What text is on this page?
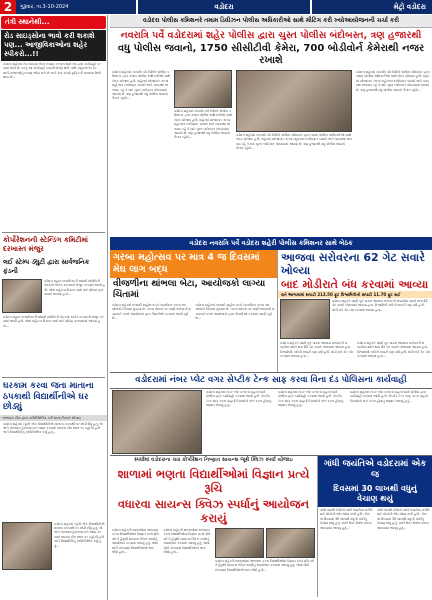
2	ગુરૂવાર, તા.3-10-2024	વડોદરા	મેટ્રો વડોદરા
તંત્રી સ્થાનેથી...
રોડ સાઇડ્સોના ભાવો કરી શકાશે પણ... આજીવિકાઓના શહેર સ્પીકરો...!!
વડોદરા શહેરમાં રોડ સાઇડ્સ ઉપર દબાણ કરનારા સામે તંત્ર દ્વારા કાર્યવાહી કરવામાં આવે છે. પરંતુ આ કાર્યવાહી કાયમી ધોરણે થતી નથી. શહેરમાં ઠેર ઠેર લારી-ગલ્લાઓનું દબાણ જોવા મળે છે અને તેના કારણે ટ્રાફિકની સમસ્યા ઉભી થાય છે...
કોર્પોરેશનની સ્ટેન્ડિંગ કમિટીમાં દરખાસ્ત મંજુર
લઈ સ્ટેમ્પ ડ્યુટી દ્વારા સાર્વજનિક ફંડની
વડોદરા મહાનગરપાલિકાની સ્થાયી સમિતિની બેઠકમાં અનેક દરખાસ્તો મંજુર કરવામાં આવી હતી. જેમાં શહેરના વિકાસ કામો માટે રૂપિયા ફાળવવામાં આવ્યા હતા...
વડોદરા મહાનગરપાલિકાની સ્થાયી સમિતિની બેઠકમાં અનેક દરખાસ્તો મંજુર કરવામાં આવી હતી. જેમાં શહેરના વિકાસ કામો માટે રૂપિયા ફાળવવામાં આવ્યા હતા...
ઘરકામ કરવા જતા માતાના ઠપકાથી વિદ્યાર્થીનીએ ઘર છોડ્યું
અભયમ ટીમ દ્વારા કાઉન્સિલિંગ કરી માતા-પિતાને સોંપાઇ
વડોદરા શહેરમાં રહેતી એક વિદ્યાર્થીનીએ માતાના ઠપકાથી ઘર છોડી દીધું હતું. જે અંગે અભયમ હેલ્પલાઇનને જાણ કરવામાં આવતા ટીમ સ્થળ પર પહોંચી હતી અને વિદ્યાર્થીનીનું કાઉન્સિલિંગ કર્યું હતું...
વડોદરા શહેરમાં રહેતી એક વિદ્યાર્થીનીએ માતાના ઠપકાથી ઘર છોડી દીધું હતું. જે અંગે અભયમ હેલ્પલાઇનને જાણ કરવામાં આવતા ટીમ સ્થળ પર પહોંચી હતી અને વિદ્યાર્થીનીનું કાઉન્સિલિંગ કર્યું હતું...
વડોદરા પોલીસ કમિશનરે તમામ ડિવીઝન પોલીસ અધિકારીઓ સાથે મીટિંગ કરી ખ્યોઆયોજનની ચર્ચા કરી
નવરાત્રિ પર્વે વડોદરામાં શહેર પોલીસ દ્વારા ચુસ્ત પોલીસ બંદોબસ્ત, ત્રણ હજારથી
વધુ પોલીસ જવાનો, 1750 સીસીટીવી કેમેરા, 700 બોડીવોર્ન કેમેરાથી નજર રખાશે
વડોદરા શહેરમાં નવરાત્રિ પર્વ નિમિત્તે પોલીસ કમિશનર દ્વારા તમામ પોલીસ અધિકારીઓ સાથે બેઠક યોજાઇ હતી. શહેરમાં યોજાનાર ગરબા મહોત્સવ દરમિયાન કાયદો અને વ્યવસ્થા જળવાઇ રહે તે માટે ચુસ્ત બંદોબસ્ત ગોઠવવામાં આવ્યો છે. ત્રણ હજારથી વધુ પોલીસ જવાનો તૈનાત રહેશે...
વડોદરા શહેરમાં નવરાત્રિ પર્વ નિમિત્તે પોલીસ કમિશનર દ્વારા તમામ પોલીસ અધિકારીઓ સાથે બેઠક યોજાઇ હતી. શહેરમાં યોજાનાર ગરબા મહોત્સવ દરમિયાન કાયદો અને વ્યવસ્થા જળવાઇ રહે તે માટે ચુસ્ત બંદોબસ્ત ગોઠવવામાં આવ્યો છે. ત્રણ હજારથી વધુ પોલીસ જવાનો તૈનાત રહેશે...
વડોદરા શહેરમાં નવરાત્રિ પર્વ નિમિત્તે પોલીસ કમિશનર દ્વારા તમામ પોલીસ અધિકારીઓ સાથે બેઠક યોજાઇ હતી. શહેરમાં યોજાનાર ગરબા મહોત્સવ દરમિયાન કાયદો અને વ્યવસ્થા જળવાઇ રહે તે માટે ચુસ્ત બંદોબસ્ત ગોઠવવામાં આવ્યો છે. ત્રણ હજારથી વધુ પોલીસ જવાનો તૈનાત રહેશે...
વડોદરા શહેરમાં નવરાત્રિ પર્વ નિમિત્તે પોલીસ કમિશનર દ્વારા તમામ પોલીસ અધિકારીઓ સાથે બેઠક યોજાઇ હતી. શહેરમાં યોજાનાર ગરબા મહોત્સવ દરમિયાન કાયદો અને વ્યવસ્થા જળવાઇ રહે તે માટે ચુસ્ત બંદોબસ્ત ગોઠવવામાં આવ્યો છે. ત્રણ હજારથી વધુ પોલીસ જવાનો તૈનાત રહેશે...
વડોદરા નવરાત્રિ પર્વે વડોદરા શહેરી પોલીસ કમિશનર સાથે બેઠક
ગરબા મહોત્સવ પર માત્ર 4 જ દિવસમાં મેઘ લાગ બદ્ધ
વીજળીના થાંભલા બેટા, આયોજકો લાગ્યા ચિંતામાં
વડોદરા શહેરમાં વરસાદી માહોલ વચ્ચે નવરાત્રિના ગરબા આયોજકો ચિંતામાં મુકાયા છે. ગરબા મેદાનો પર પાણી ભરાવાની શક્યતાને પગલે આયોજકો દ્વારા તૈયારીઓ કરવામાં આવી રહી છે...
વડોદરા શહેરમાં વરસાદી માહોલ વચ્ચે નવરાત્રિના ગરબા આયોજકો ચિંતામાં મુકાયા છે. ગરબા મેદાનો પર પાણી ભરાવાની શક્યતાને પગલે આયોજકો દ્વારા તૈયારીઓ કરવામાં આવી રહી છે...
આજવા સરોવરના 62 ગેટ સવારે ખોલ્યા
બાદ મોડીરાતે બંધ કરવામાં આવ્યા
રાતે આજવામાં સપાટી 213.50 ફૂટ વિશ્વામિત્રીની સપાટી 11.70 ફૂટ થઈ
વડોદરા શહેરને પાણી પૂરું પાડતા આજવા સરોવરની સપાટીમાં વધારો થતા 62 ગેટ સવારે ખોલવામાં આવ્યા હતા. વિશ્વામિત્રી નદીની સપાટી પણ વધી હતી. મોડી રાત્રે ગેટ બંધ કરવામાં આવ્યા હતા...
વડોદરા શહેરને પાણી પૂરું પાડતા આજવા સરોવરની સપાટીમાં વધારો થતા 62 ગેટ સવારે ખોલવામાં આવ્યા હતા. વિશ્વામિત્રી નદીની સપાટી પણ વધી હતી. મોડી રાત્રે ગેટ બંધ કરવામાં આવ્યા હતા...
વડોદરા શહેરને પાણી પૂરું પાડતા આજવા સરોવરની સપાટીમાં વધારો થતા 62 ગેટ સવારે ખોલવામાં આવ્યા હતા. વિશ્વામિત્રી નદીની સપાટી પણ વધી હતી. મોડી રાત્રે ગેટ બંધ કરવામાં આવ્યા હતા...
વડોદરામાં નંબર પ્લેટ વગર સેપ્ટીક ટેન્ક સાફ કરવા વિના દંડ પોલિસના કાર્યવાહી
વડોદરા શહેરમાં નંબર પ્લેટ વગરના વાહનો સામે પોલીસ દ્વારા કાર્યવાહી કરવામાં આવી હતી. સેપ્ટીક ટેન્ક સાફ કરતા વાહનો નિયમોનો ભંગ કરતા હોવાનું જણાઇ આવ્યું હતું...
વડોદરા શહેરમાં નંબર પ્લેટ વગરના વાહનો સામે પોલીસ દ્વારા કાર્યવાહી કરવામાં આવી હતી. સેપ્ટીક ટેન્ક સાફ કરતા વાહનો નિયમોનો ભંગ કરતા હોવાનું જણાઇ આવ્યું હતું...
વડોદરા શહેરમાં નંબર પ્લેટ વગરના વાહનો સામે પોલીસ દ્વારા કાર્યવાહી કરવામાં આવી હતી. સેપ્ટીક ટેન્ક સાફ કરતા વાહનો નિયમોનો ભંગ કરતા હોવાનું જણાઇ આવ્યું હતું...
સ્પર્ધામાં વડોદરાના ચાર કોર્પોરેશન નિષ્ણાત સાયન્સ જૂથે ક્વિઝ સ્પર્ધા યોજાઇ
શાળામાં ભણતા વિદ્યાર્થીઓમાં વિજ્ઞાન પ્રત્યે રૂચિ
વધારવા સાયન્સ ક્વિઝ સ્પર્ધાનું આયોજન કરાયું
વડોદરા શહેરની શાળાઓમાં અભ્યાસ કરતા વિદ્યાર્થીઓમાં વિજ્ઞાન પ્રત્યે રૂચિ વધે તે હેતુથી સાયન્સ ક્વિઝ સ્પર્ધાનું આયોજન કરવામાં આવ્યું હતું. જેમાં મોટી સંખ્યામાં વિદ્યાર્થીઓએ ભાગ લીધો હતો...
વડોદરા શહેરની શાળાઓમાં અભ્યાસ કરતા વિદ્યાર્થીઓમાં વિજ્ઞાન પ્રત્યે રૂચિ વધે તે હેતુથી સાયન્સ ક્વિઝ સ્પર્ધાનું આયોજન કરવામાં આવ્યું હતું. જેમાં મોટી સંખ્યામાં વિદ્યાર્થીઓએ ભાગ લીધો હતો...
વડોદરા શહેરની શાળાઓમાં અભ્યાસ કરતા વિદ્યાર્થીઓમાં વિજ્ઞાન પ્રત્યે રૂચિ વધે તે હેતુથી સાયન્સ ક્વિઝ સ્પર્ધાનું આયોજન કરવામાં આવ્યું હતું. જેમાં મોટી સંખ્યામાં વિદ્યાર્થીઓએ ભાગ લીધો હતો...
ગાંધી જયંતિએ વડોદરામાં એક જ
દિવસમાં 30 લાખથી વધુનું વેચાણ થયું
ગાંધી જયંતિ નિમિત્તે ખાદી ભંડારોમાં ખરીદી માટે લોકોની ભીડ જોવા મળી હતી. એક જ દિવસમાં 30 લાખથી વધુની ખાદીનું વેચાણ થયું હતું. ખાદી ઉપર વિશેષ વળતર આપવામાં આવ્યું હતું...
ગાંધી જયંતિ નિમિત્તે ખાદી ભંડારોમાં ખરીદી માટે લોકોની ભીડ જોવા મળી હતી. એક જ દિવસમાં 30 લાખથી વધુની ખાદીનું વેચાણ થયું હતું. ખાદી ઉપર વિશેષ વળતર આપવામાં આવ્યું હતું...
